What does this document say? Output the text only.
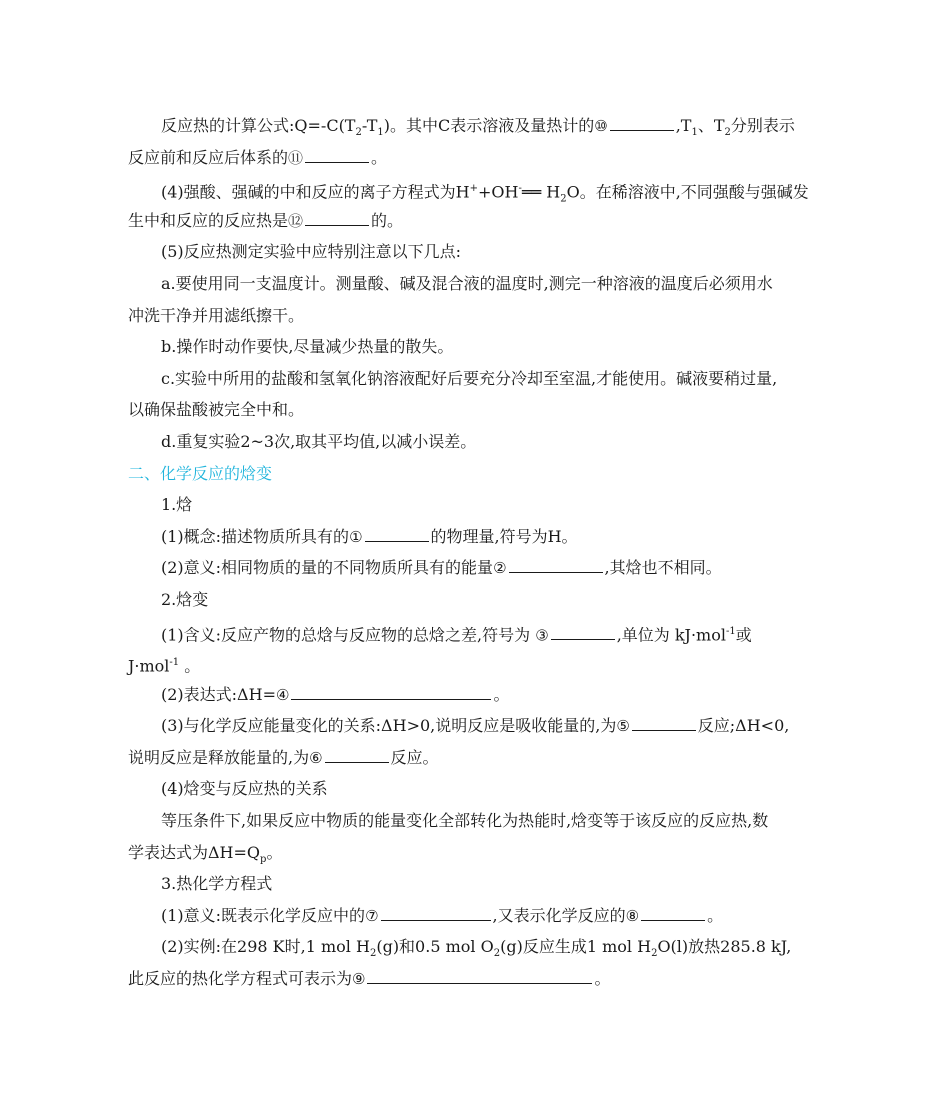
反应热的计算公式$:Q=-C(T_2-T_1)$。其中C表示溶液及量热计的⑩	$,T_1$、$T_2$分别表示
反应前和反应后体系的⑪	。
(4)强酸、强碱的中和反应的离子方程式为H++OH-══ $H_2O$。在稀溶液中,不同强酸与强碱发
生中和反应的反应热是⑫	的。
(5)反应热测定实验中应特别注意以下几点:
a.要使用同一支温度计。测量酸、碱及混合液的温度时,测完一种溶液的温度后必须用水
冲洗干净并用滤纸擦干。
b.操作时动作要快,尽量减少热量的散失。
c.实验中所用的盐酸和氢氧化钠溶液配好后要充分冷却至室温,才能使用。碱液要稍过量,
以确保盐酸被完全中和。
d.重复实验2~3次,取其平均值,以减小误差。
二、化学反应的焓变
1.焓
(1)概念:描述物质所具有的①	的物理量,符号为H。
(2)意义:相同物质的量的不同物质所具有的能量②	,其焓也不相同。
2.焓变
(1)含义:反应产物的总焓与反应物的总焓之差,符号为 ③	,单位为 kJ·mol$^{-1}$或
J·mol$^{-1}$ 。
(2)表达式:ΔH=④	。
(3)与化学反应能量变化的关系:ΔH>0,说明反应是吸收能量的,为⑤	反应;ΔH<0,
说明反应是释放能量的,为⑥	反应。
(4)焓变与反应热的关系
等压条件下,如果反应中物质的能量变化全部转化为热能时,焓变等于该反应的反应热,数
学表达式为$\Delta H=Q_p$。
3.热化学方程式
(1)意义:既表示化学反应中的⑦	,又表示化学反应的⑧	。
(2)实例:在298 K时,1 mol $H_2(g)$和0.5 mol $O_2(g)$反应生成1 mol $H_2O(l)$放热285.8 kJ,
此反应的热化学方程式可表示为⑨	。
